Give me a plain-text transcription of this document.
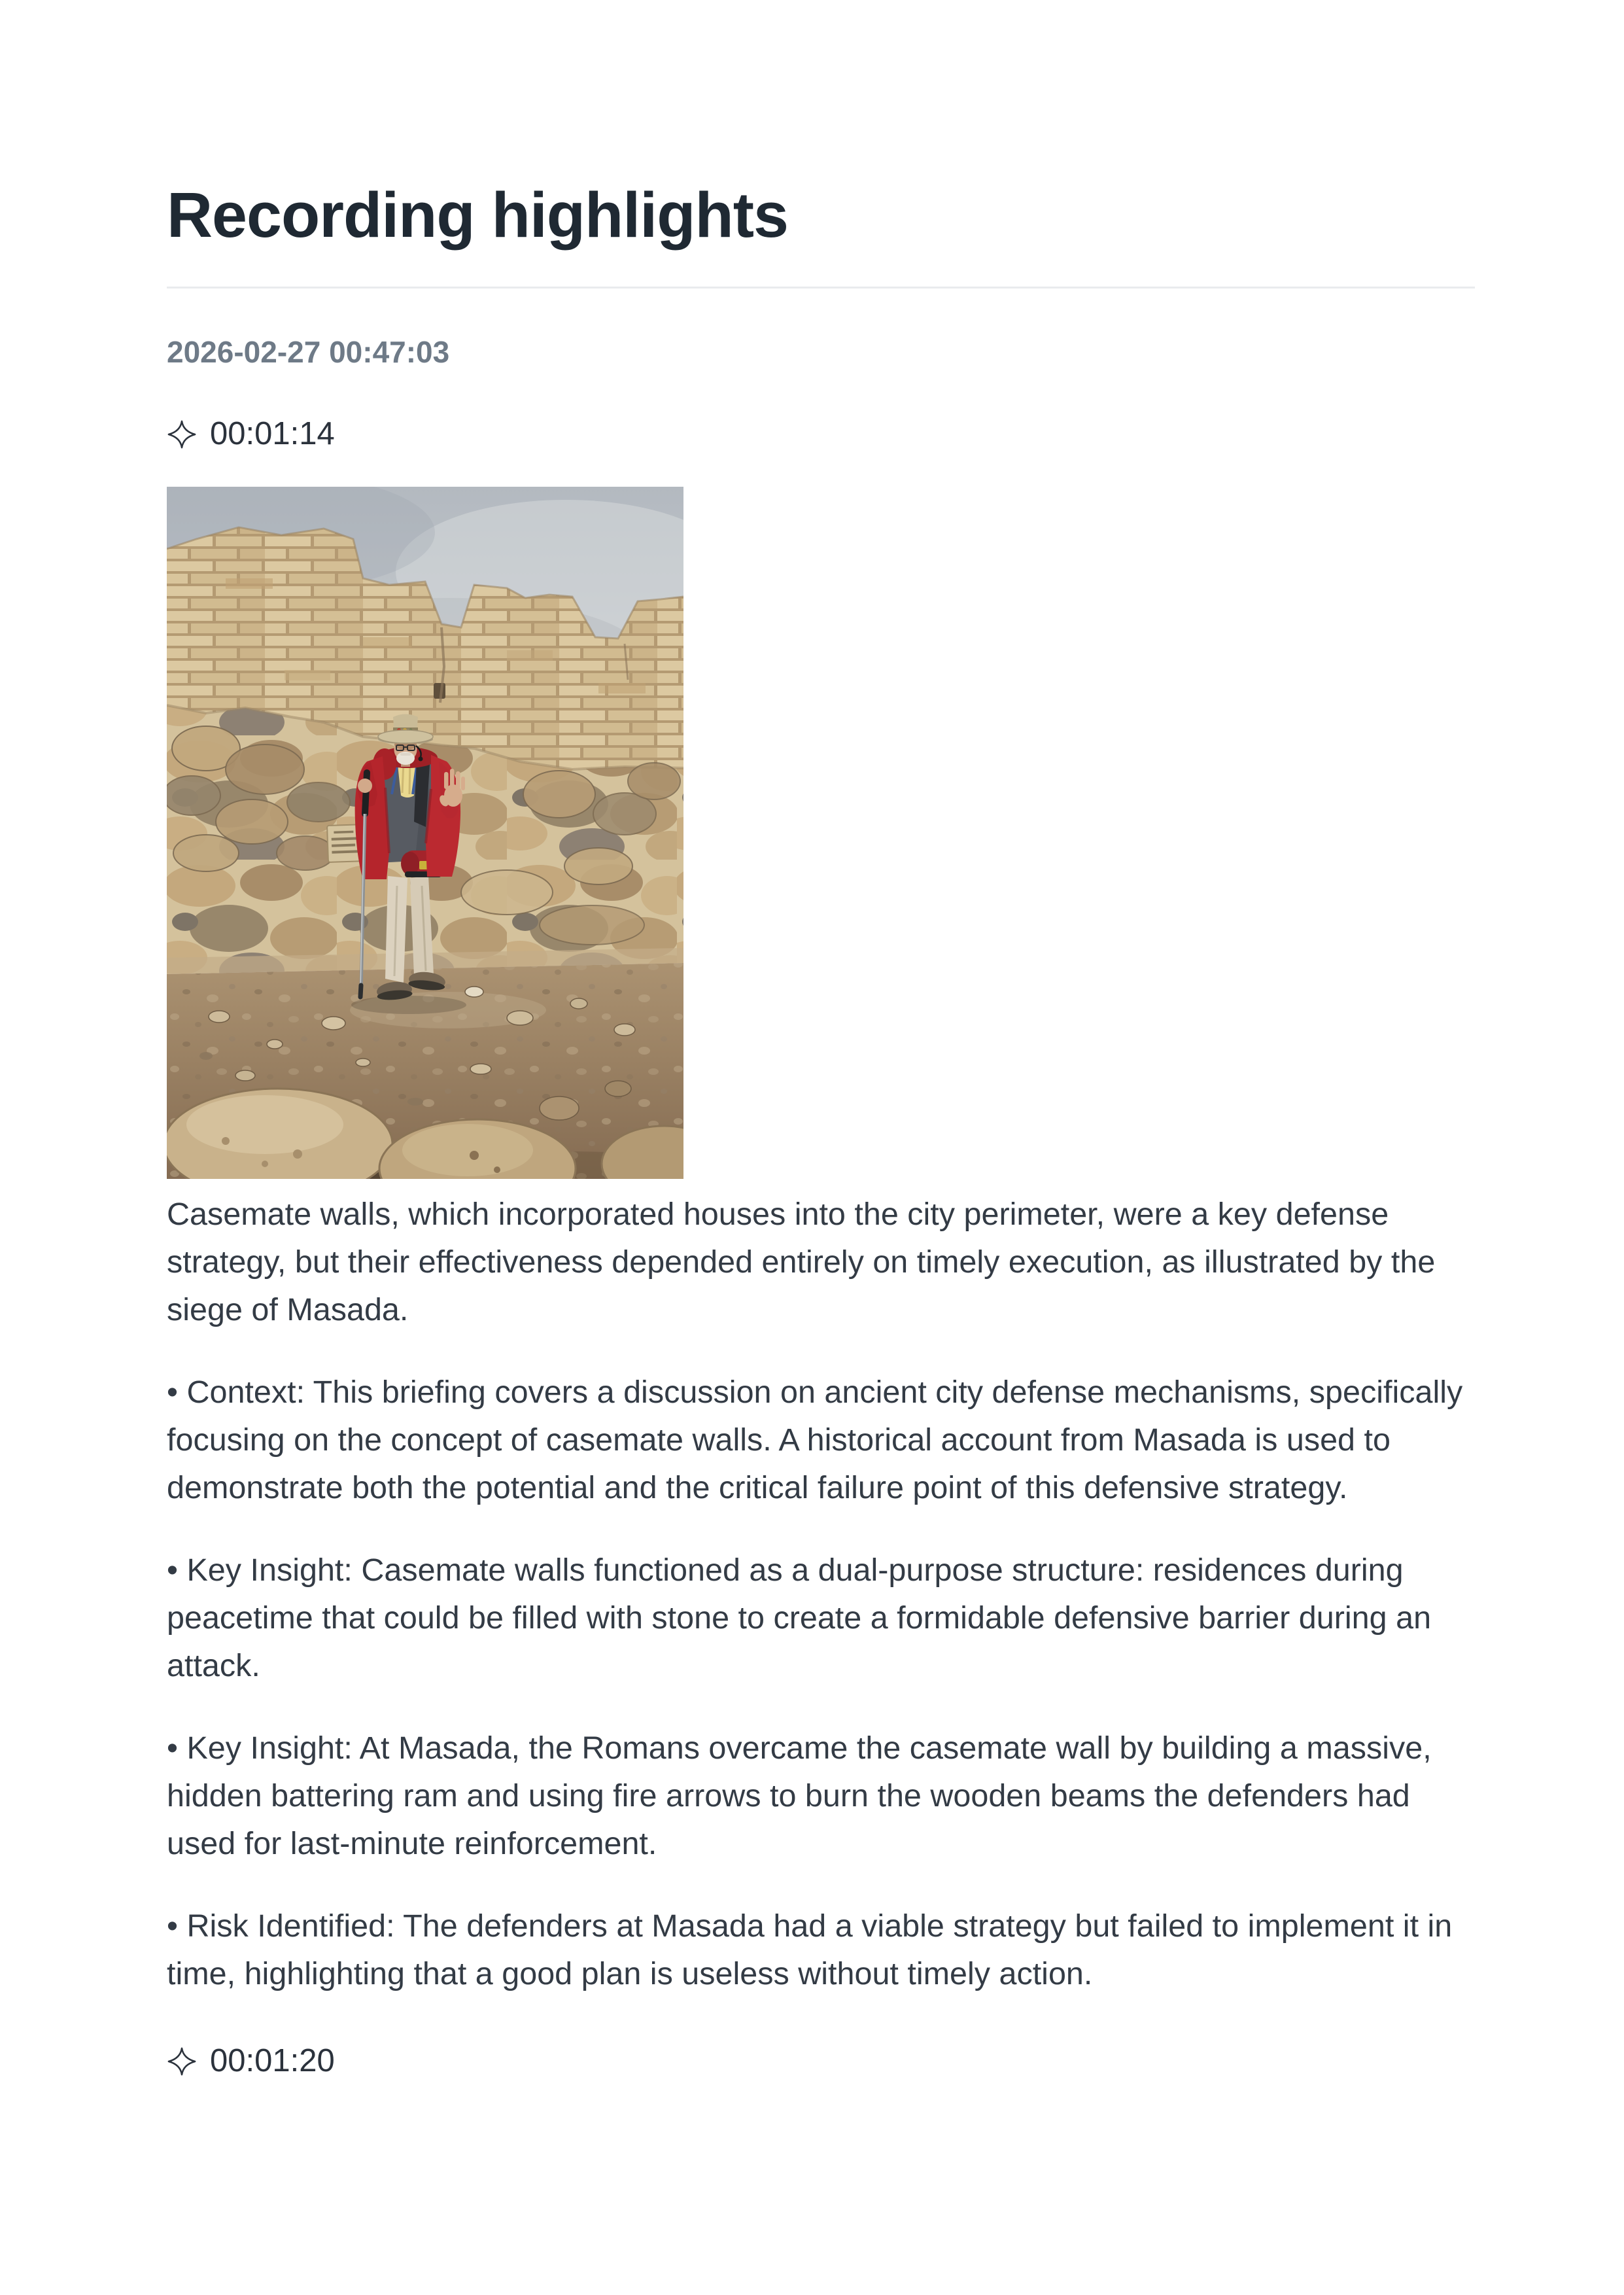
Recording highlights
2026-02-27 00:47:03
00:01:14

Casemate walls, which incorporated houses into the city perimeter, were a key defense strategy, but their effectiveness depended entirely on timely execution, as illustrated by the siege of Masada.

• Context: This briefing covers a discussion on ancient city defense mechanisms, specifically focusing on the concept of casemate walls. A historical account from Masada is used to demonstrate both the potential and the critical failure point of this defensive strategy.

• Key Insight: Casemate walls functioned as a dual-purpose structure: residences during peacetime that could be filled with stone to create a formidable defensive barrier during an attack.

• Key Insight: At Masada, the Romans overcame the casemate wall by building a massive, hidden battering ram and using fire arrows to burn the wooden beams the defenders had used for last-minute reinforcement.

• Risk Identified: The defenders at Masada had a viable strategy but failed to implement it in time, highlighting that a good plan is useless without timely action.

00:01:20
